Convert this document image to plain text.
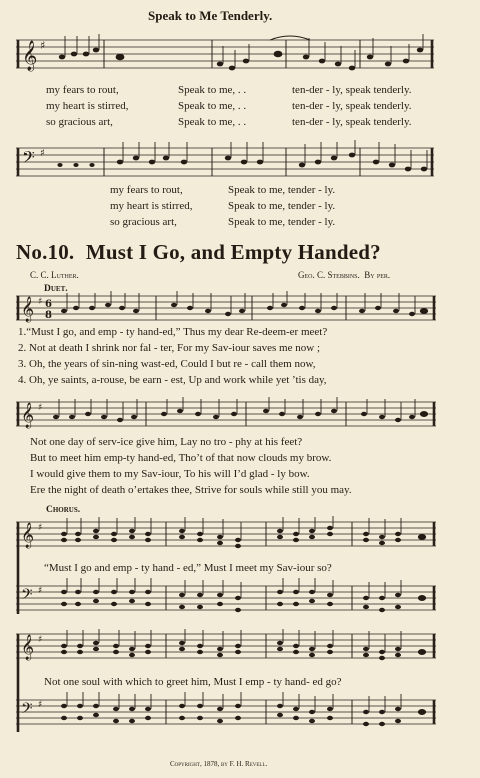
Speak to Me Tenderly.
𝄞 ♯
my fears to rout,	Speak to me, . .	ten-der - ly, speak tenderly.
my heart is stirred,	Speak to me, . .	ten-der - ly, speak tenderly.
so gracious art,	Speak to me, . .	ten-der - ly, speak tenderly.
𝄢 ♯
my fears to rout,	Speak to me, tender - ly.
my heart is stirred,	Speak to me, tender - ly.
so gracious art,	Speak to me, tender - ly.
No.10. Must I Go, and Empty Handed?
C. C. Luther.	Geo. C. Stebbins. By per.
Duet.
𝄞 ♯ 6
8
1.“Must I go, and emp - ty hand-ed,” Thus my dear Re-deem-er meet?
2. Not at death I shrink nor fal - ter, For my Sav-iour saves me now ;
3. Oh, the years of sin-ning wast-ed, Could I but re - call them now,
4. Oh, ye saints, a-rouse, be earn - est, Up and work while yet ’tis day,
𝄞 ♯
Not one day of serv-ice give him, Lay no tro - phy at his feet?
But to meet him emp-ty hand-ed, Tho’t of that now clouds my brow.
I would give them to my Sav-iour, To his will I’d glad - ly bow.
Ere the night of death o’ertakes thee, Strive for souls while still you may.
Chorus.
𝄞 ♯
“Must I go and emp - ty hand - ed,” Must I meet my Sav-iour so?
𝄢 ♯
𝄞 ♯
Not one soul with which to greet him, Must I emp - ty hand- ed go?
𝄢 ♯
Copyright, 1878, by F. H. Revell.
